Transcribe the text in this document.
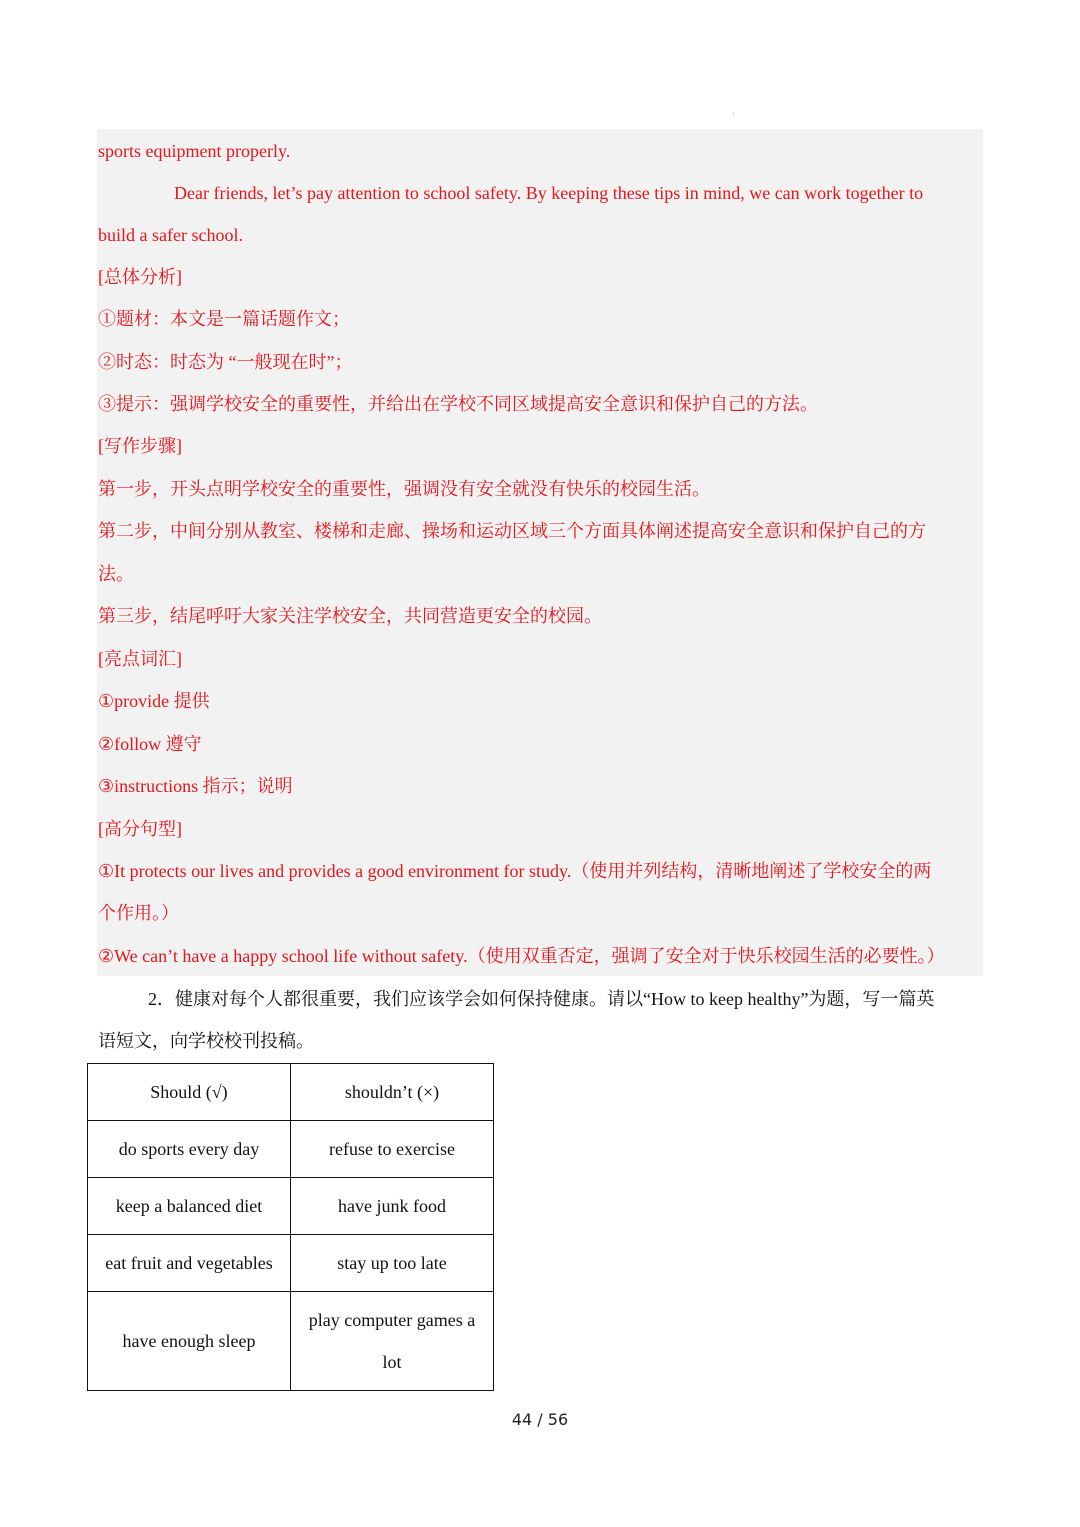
1
sports equipment properly.
Dear friends, let’s pay attention to school safety. By keeping these tips in mind, we can work together to
build a safer school.
[总体分析]
①题材：本文是一篇话题作文；
②时态：时态为 “一般现在时”；
③提示：强调学校安全的重要性，并给出在学校不同区域提高安全意识和保护自己的方法。
[写作步骤]
第一步，开头点明学校安全的重要性，强调没有安全就没有快乐的校园生活。
第二步，中间分别从教室、楼梯和走廊、操场和运动区域三个方面具体阐述提高安全意识和保护自己的方
法。
第三步，结尾呼吁大家关注学校安全，共同营造更安全的校园。
[亮点词汇]
①provide 提供
②follow 遵守
③instructions 指示；说明
[高分句型]
①It protects our lives and provides a good environment for study.（使用并列结构，清晰地阐述了学校安全的两
个作用。）
②We can’t have a happy school life without safety.（使用双重否定，强调了安全对于快乐校园生活的必要性。）
2．健康对每个人都很重要，我们应该学会如何保持健康。请以“How to keep healthy”为题，写一篇英
语短文，向学校校刊投稿。
Should (√)	shouldn’t (×)
do sports every day	refuse to exercise
keep a balanced diet	have junk food
eat fruit and vegetables	stay up too late
have enough sleep	play computer games a
lot
44 / 56
